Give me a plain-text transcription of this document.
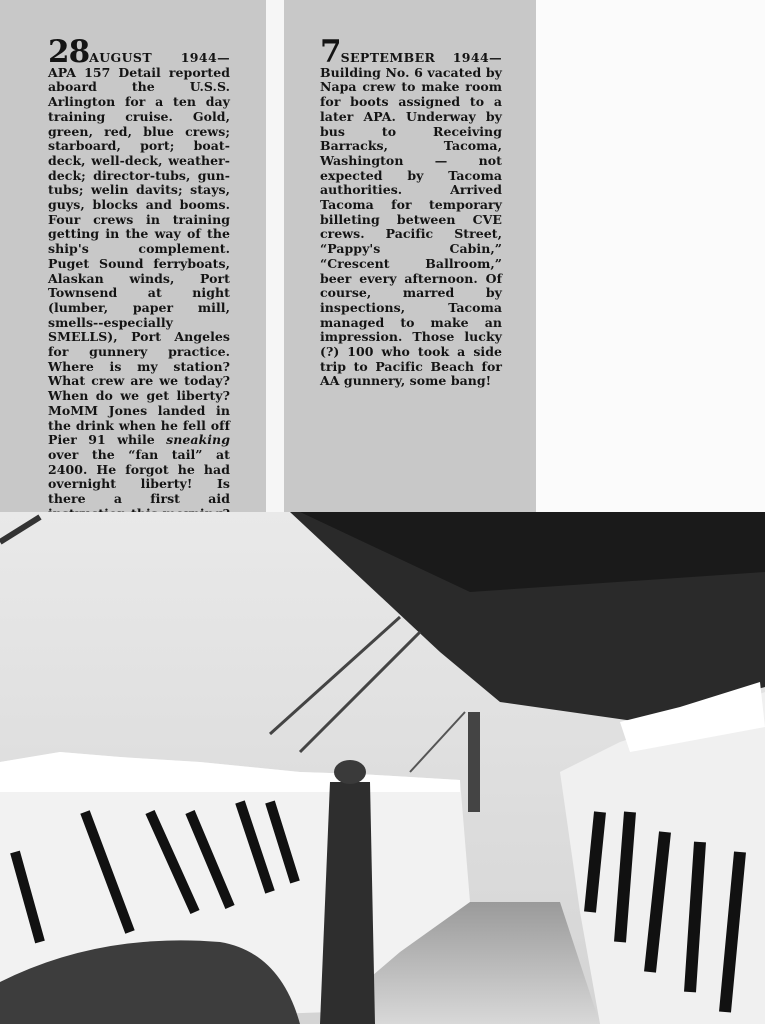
28AUGUST 1944—APA 157 Detail reported aboard the U.S.S. Arlington for a ten day training cruise. Gold, green, red, blue crews; starboard, port; boat-deck, well-deck, weather-deck; director-tubs, gun-tubs; welin davits; stays, guys, blocks and booms. Four crews in training getting in the way of the ship's complement. Puget Sound ferryboats, Alaskan winds, Port Townsend at night (lumber, paper mill, smells--especially SMELLS), Port Angeles for gunnery practice. Where is my station? What crew are we today? When do we get liberty? MoMM Jones landed in the drink when he fell off Pier 91 while sneaking over the “fan tail” at 2400. He forgot he had overnight liberty! Is there a first aid
7SEPTEMBER 1944—Building No. 6 vacated by Napa crew to make room for boots assigned to a later APA. Underway by bus to Receiving Barracks, Tacoma, Washington — not expected by Tacoma authorities. Arrived Tacoma for temporary billeting between CVE crews. Pacific Street, “Pappy's Cabin,” “Crescent Ballroom,” beer every afternoon. Of course, marred by inspections, Tacoma managed to make an impression. Those lucky (?) 100 who took a side trip to Pacific Beach for AA gunnery, some bang!
